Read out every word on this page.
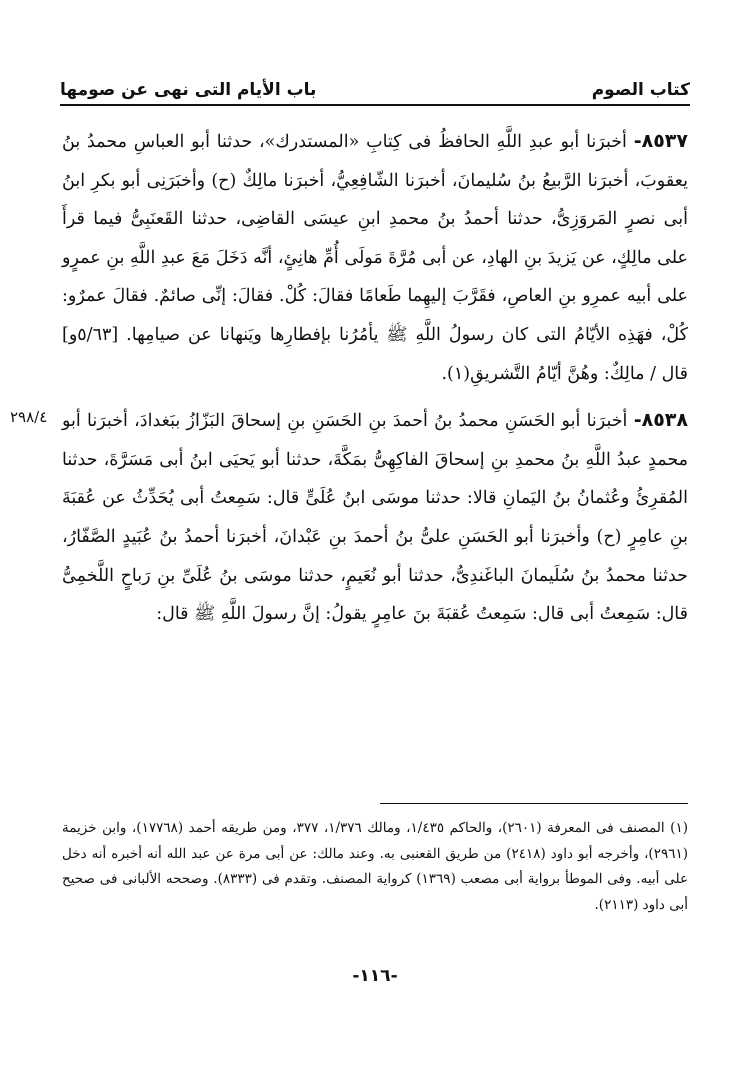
كتاب الصوم
باب الأيام التى نهى عن صومها

٨٥٣٧- أخبرَنا أبو عبدِ اللَّهِ الحافظُ فى كِتابِ «المستدرك»، حدثنا أبو العباسِ محمدُ بنُ يعقوبَ، أخبرَنا الرَّبيعُ بنُ سُليمانَ، أخبرَنا الشّافِعِيُّ، أخبرَنا مالِكٌ (ح) وأخبَرَنِى أبو بكرِ ابنُ أبى نصرٍ المَروَزِىُّ، حدثنا أحمدُ بنُ محمدِ ابنِ عيسَى القاضِى، حدثنا القَعنَبِىُّ فيما قرأَ على مالِكٍ، عن يَزيدَ بنِ الهادِ، عن أبى مُرَّةَ مَولَى أُمِّ هانِئٍ، أنَّه دَخَلَ مَعَ عبدِ اللَّهِ بنِ عمرٍو على أبيه عمرِو بنِ العاصِ، فقَرَّبَ إليهِما طَعامًا فقالَ: كُلْ. فقالَ: إنِّى صائمٌ. فقالَ عمرٌو: كُلْ، فهَذِه الأيّامُ التى كان رسولُ اللَّهِ ﷺ يأمُرُنا بإفطارِها ويَنهانا عن صيامِها. [٥/٦٣و] قال / مالِكٌ: وهُنَّ أيّامُ التَّشريقِ(١).

٨٥٣٨- أخبرَنا أبو الحَسَنِ محمدُ بنُ أحمدَ بنِ الحَسَنِ بنِ إسحاقَ البَزّازُ ببَغدادَ، أخبرَنا أبو محمدٍ عبدُ اللَّهِ بنُ محمدِ بنِ إسحاقَ الفاكِهِىُّ بمَكَّةَ، حدثنا أبو يَحيَى ابنُ أبى مَسَرَّةَ، حدثنا المُقرِئُ وعُثمانُ بنُ اليَمانِ قالا: حدثنا موسَى ابنُ عُلَىٍّ قال: سَمِعتُ أبى يُحَدِّثُ عن عُقبَةَ بنِ عامِرٍ (ح) وأخبرَنا أبو الحَسَنِ علىُّ بنُ أحمدَ بنِ عَبْدانَ، أخبرَنا أحمدُ بنُ عُبَيدٍ الصَّفّارُ، حدثنا محمدُ بنُ سُلَيمانَ الباغَندِىُّ، حدثنا أبو نُعَيمٍ، حدثنا موسَى بنُ عُلَىِّ بنِ رَباحٍ اللَّخمِىُّ قال: سَمِعتُ أبى قال: سَمِعتُ عُقبَةَ بنَ عامِرٍ يقولُ: إنَّ رسولَ اللَّهِ ﷺ قال:

٢٩٨/٤

(١) المصنف فى المعرفة (٢٦٠١)، والحاكم ١/٤٣٥، ومالك ١/٣٧٦، ٣٧٧، ومن طريقه أحمد (١٧٧٦٨)، وابن خزيمة (٢٩٦١)، وأخرجه أبو داود (٢٤١٨) من طريق القعنبى به. وعند مالك: عن أبى مرة عن عبد الله أنه أخبره أنه دخل على أبيه. وفى الموطأ برواية أبى مصعب (١٣٦٩) كرواية المصنف. وتقدم فى (٨٣٣٣). وصححه الألبانى فى صحيح أبى داود (٢١١٣).

-١١٦-
